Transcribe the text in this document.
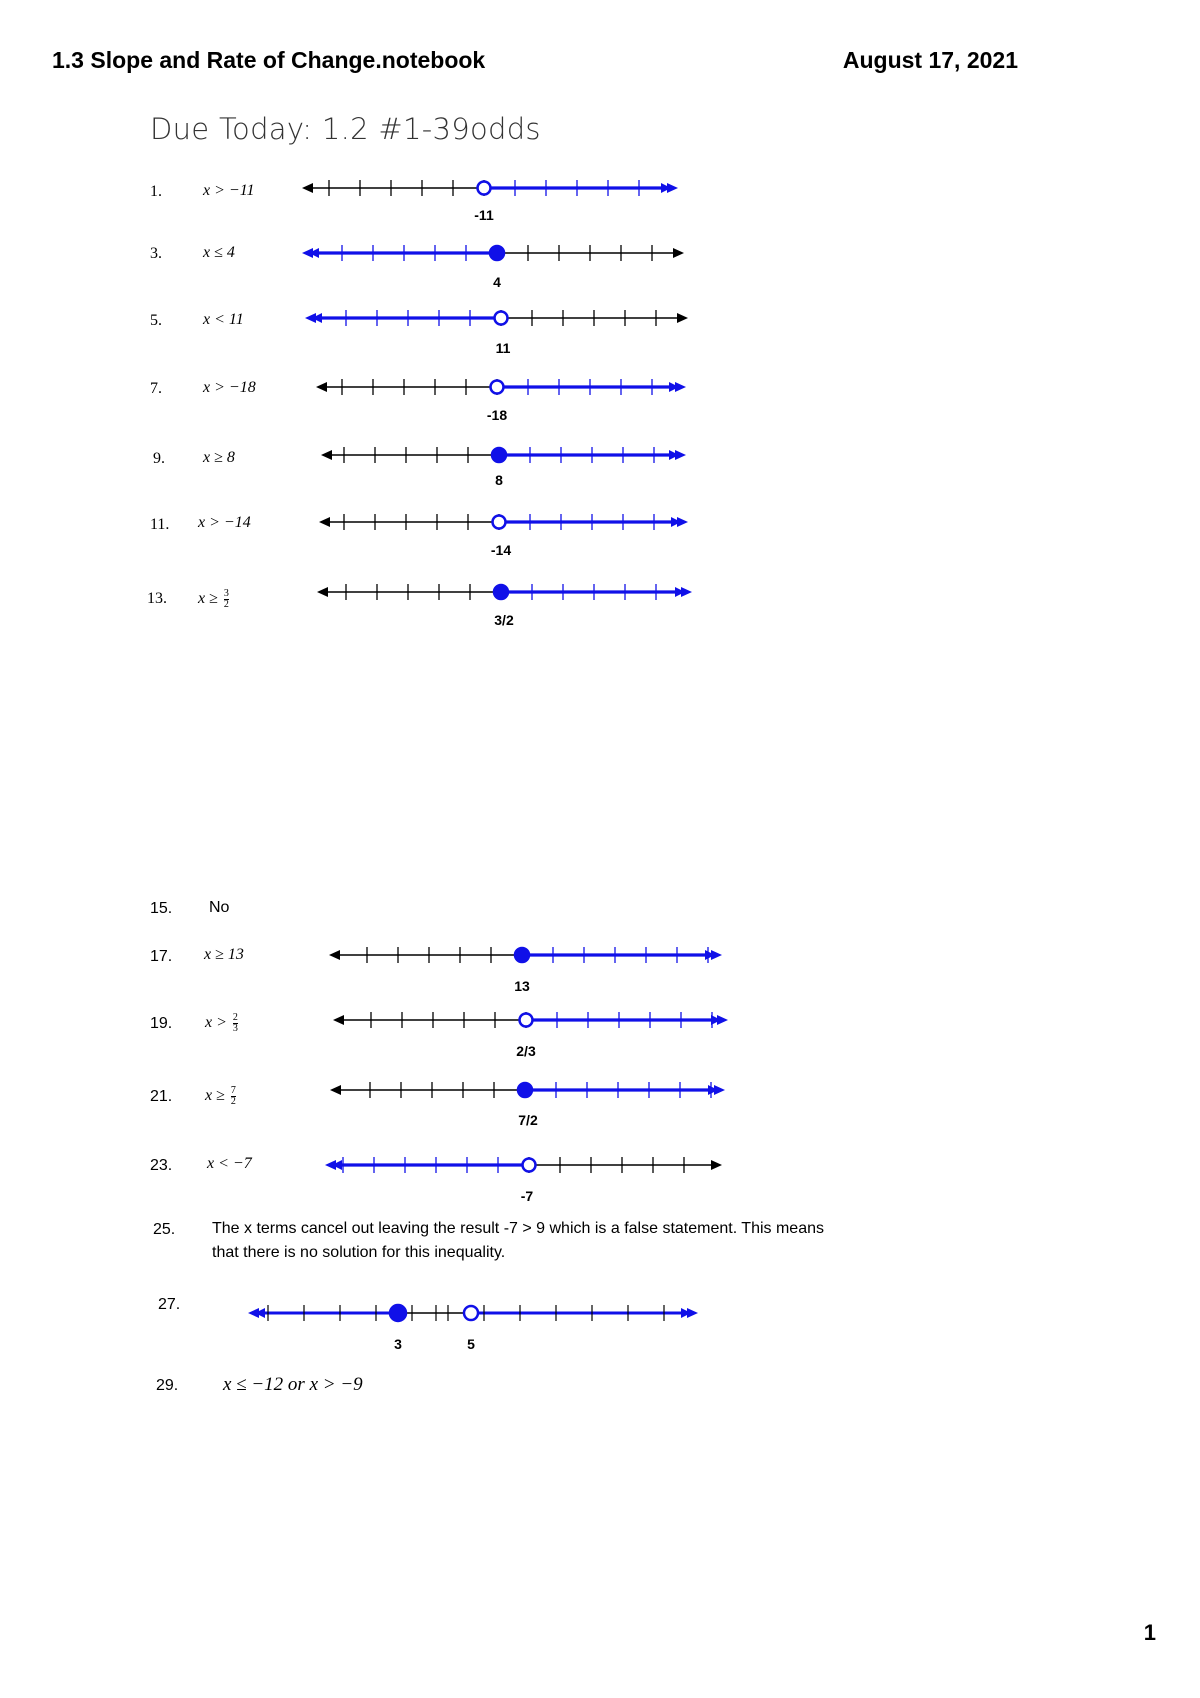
1.3 Slope and Rate of Change.notebook	August 17, 2021
Due Today: 1.2 #1-39odds
1.	x > −11
-11
3.	x ≤ 4
4
5.	x < 11
11
7.	x > −18
-18
9. x ≥ 8
8
11. x > −14
-14
13. $x \ge \frac{3}{2}$
3/2
15. No
17. x ≥ 13
13
19. $x > \frac{2}{3}$
2/3
21. $x \ge \frac{7}{2}$
7/2
23. x < −7
-7
25. The x terms cancel out leaving the result -7 > 9 which is a false statement. This means
that there is no solution for this inequality.
27.
3	5
29. x ≤ −12 or x > −9
1
